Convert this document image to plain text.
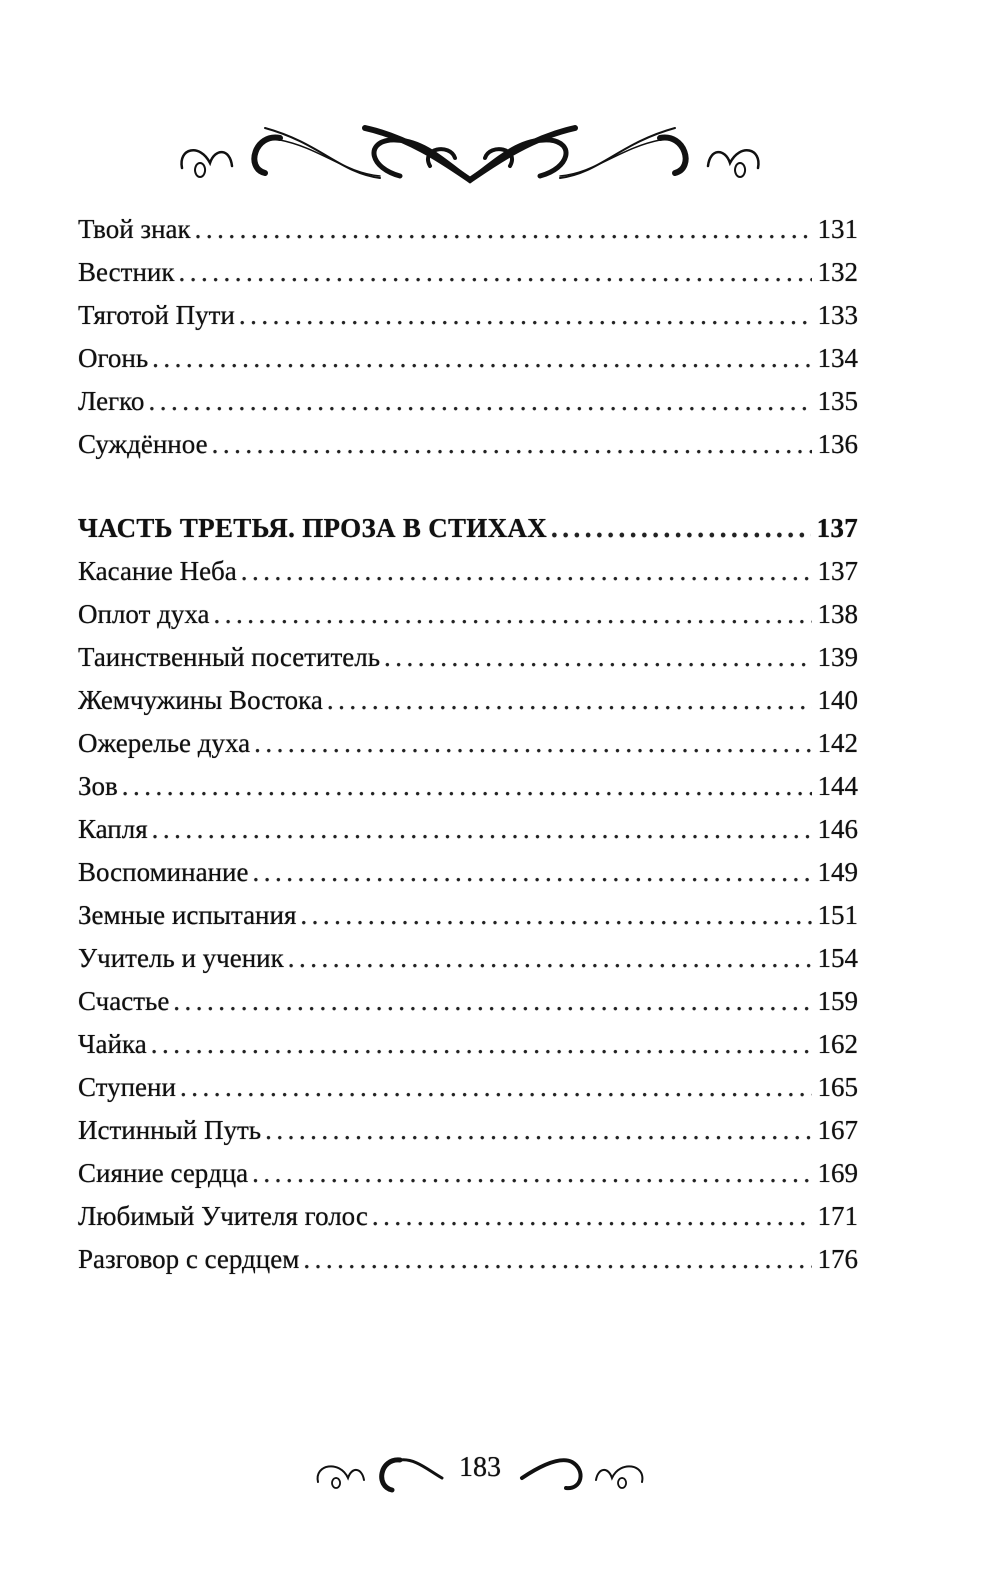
Твой знак .....	131
Вестник .....	132
Тяготой Пути .....	133
Огонь .....	134
Легко .....	135
Суждённое .....	136
ЧАСТЬ ТРЕТЬЯ. ПРОЗА В СТИХАХ .....	137
Касание Неба .....	137
Оплот духа .....	138
Таинственный посетитель .....	139
Жемчужины Востока .....	140
Ожерелье духа .....	142
Зов .....	144
Капля .....	146
Воспоминание .....	149
Земные испытания .....	151
Учитель и ученик .....	154
Счастье .....	159
Чайка .....	162
Ступени .....	165
Истинный Путь .....	167
Сияние сердца .....	169
Любимый Учителя голос .....	171
Разговор с сердцем .....	176
183
